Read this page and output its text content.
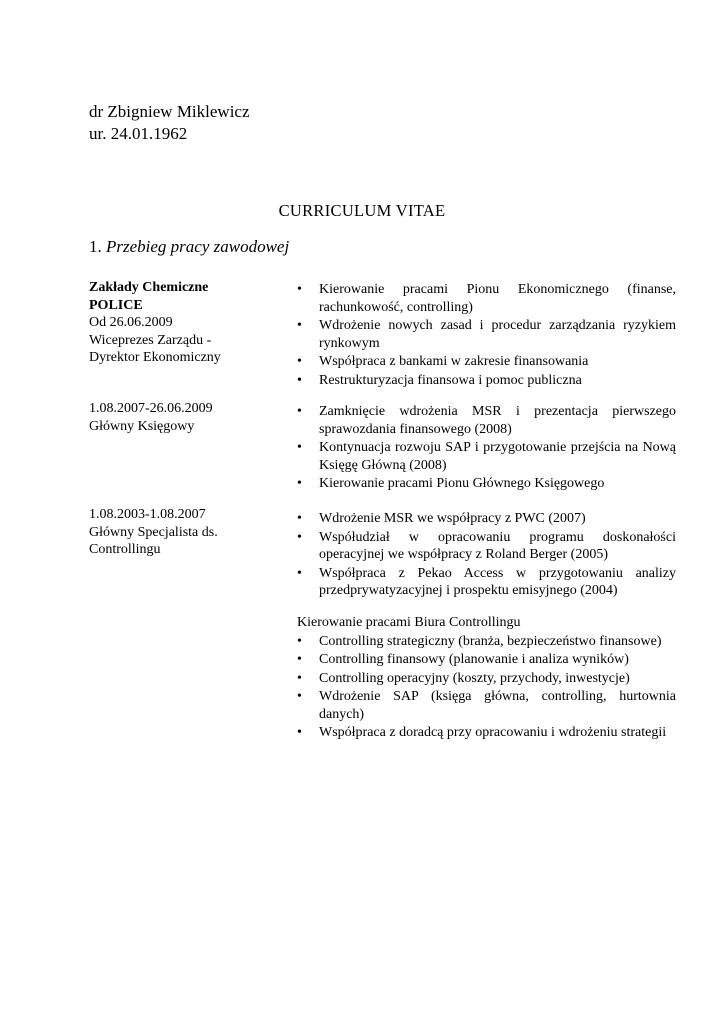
dr Zbigniew Miklewicz
ur. 24.01.1962
CURRICULUM VITAE
1. Przebieg pracy zawodowej
Zakłady Chemiczne
POLICE
Od 26.06.2009
Wiceprezes Zarządu -
Dyrektor Ekonomiczny
• Kierowanie pracami Pionu Ekonomicznego (finanse, rachunkowość, controlling)
• Wdrożenie nowych zasad i procedur zarządzania ryzykiem rynkowym
• Współpraca z bankami w zakresie finansowania
• Restrukturyzacja finansowa i pomoc publiczna
1.08.2007-26.06.2009
Główny Księgowy
• Zamknięcie wdrożenia MSR i prezentacja pierwszego sprawozdania finansowego (2008)
• Kontynuacja rozwoju SAP i przygotowanie przejścia na Nową Księgę Główną (2008)
• Kierowanie pracami Pionu Głównego Księgowego
1.08.2003-1.08.2007
Główny Specjalista ds.
Controllingu
• Wdrożenie MSR we współpracy z PWC (2007)
• Współudział w opracowaniu programu doskonałości operacyjnej we współpracy z Roland Berger (2005)
• Współpraca z Pekao Access w przygotowaniu analizy przedprywatyzacyjnej i prospektu emisyjnego (2004)
Kierowanie pracami Biura Controllingu
• Controlling strategiczny (branża, bezpieczeństwo finansowe)
• Controlling finansowy (planowanie i analiza wyników)
• Controlling operacyjny (koszty, przychody, inwestycje)
• Wdrożenie SAP (księga główna, controlling, hurtownia danych)
• Współpraca z doradcą przy opracowaniu i wdrożeniu strategii
